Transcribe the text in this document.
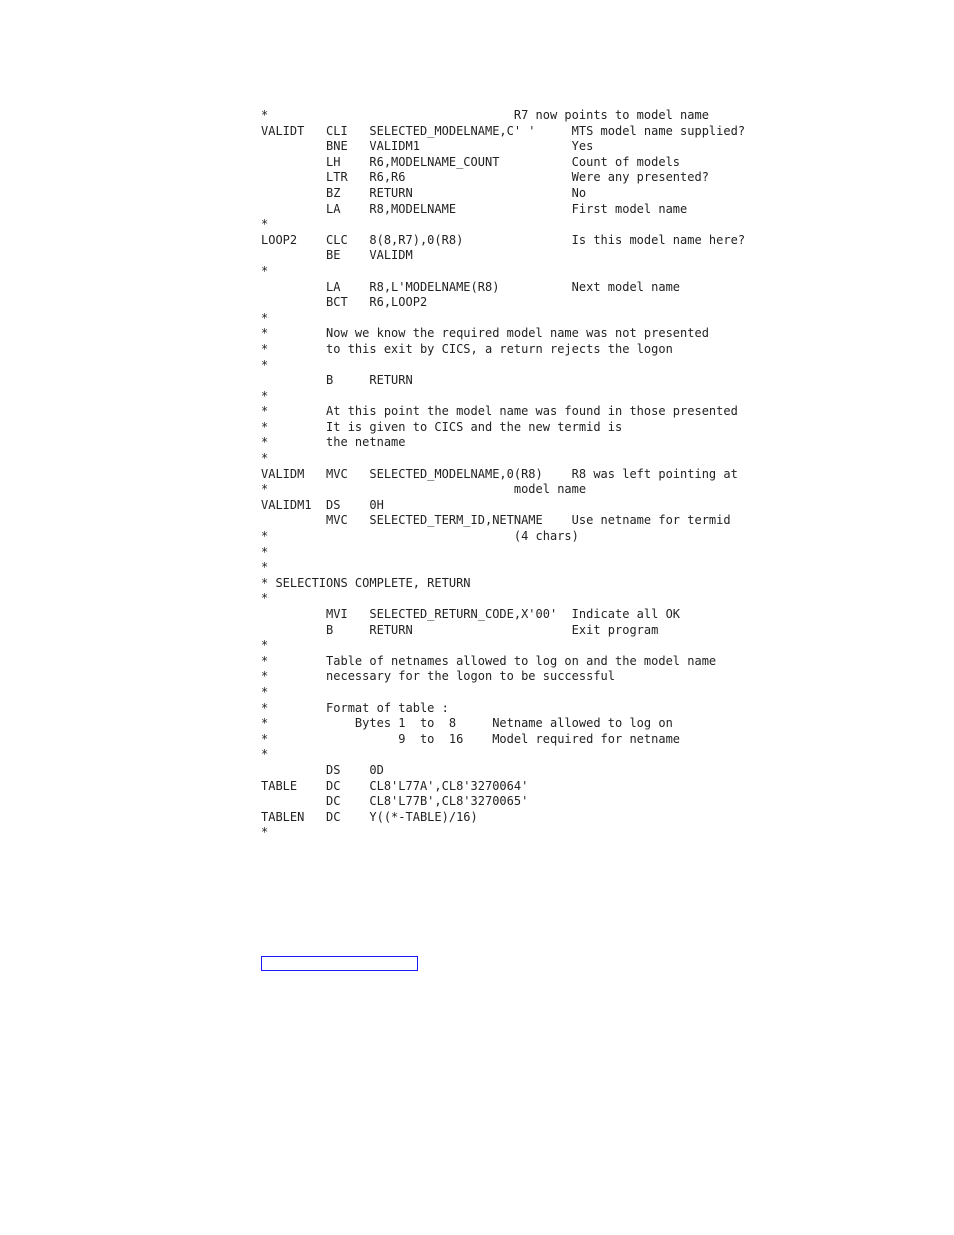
*                                  R7 now points to model name
VALIDT   CLI   SELECTED_MODELNAME,C' '     MTS model name supplied?
BNE   VALIDM1                     Yes
LH    R6,MODELNAME_COUNT          Count of models
LTR   R6,R6                       Were any presented?
BZ    RETURN                      No
LA    R8,MODELNAME                First model name
*
LOOP2    CLC   8(8,R7),0(R8)               Is this model name here?
BE    VALIDM
*
LA    R8,L'MODELNAME(R8)          Next model name
BCT   R6,LOOP2
*
*        Now we know the required model name was not presented
*        to this exit by CICS, a return rejects the logon
*
B     RETURN
*
*        At this point the model name was found in those presented
*        It is given to CICS and the new termid is
*        the netname
*
VALIDM   MVC   SELECTED_MODELNAME,0(R8)    R8 was left pointing at
*                                  model name
VALIDM1  DS    0H
MVC   SELECTED_TERM_ID,NETNAME    Use netname for termid
*                                  (4 chars)
*
*
* SELECTIONS COMPLETE, RETURN
*
MVI   SELECTED_RETURN_CODE,X'00'  Indicate all OK
B     RETURN                      Exit program
*
*        Table of netnames allowed to log on and the model name
*        necessary for the logon to be successful
*
*        Format of table :
*            Bytes 1  to  8     Netname allowed to log on
*                  9  to  16    Model required for netname
*
DS    0D
TABLE    DC    CL8'L77A',CL8'3270064'
DC    CL8'L77B',CL8'3270065'
TABLEN   DC    Y((*-TABLE)/16)
*
